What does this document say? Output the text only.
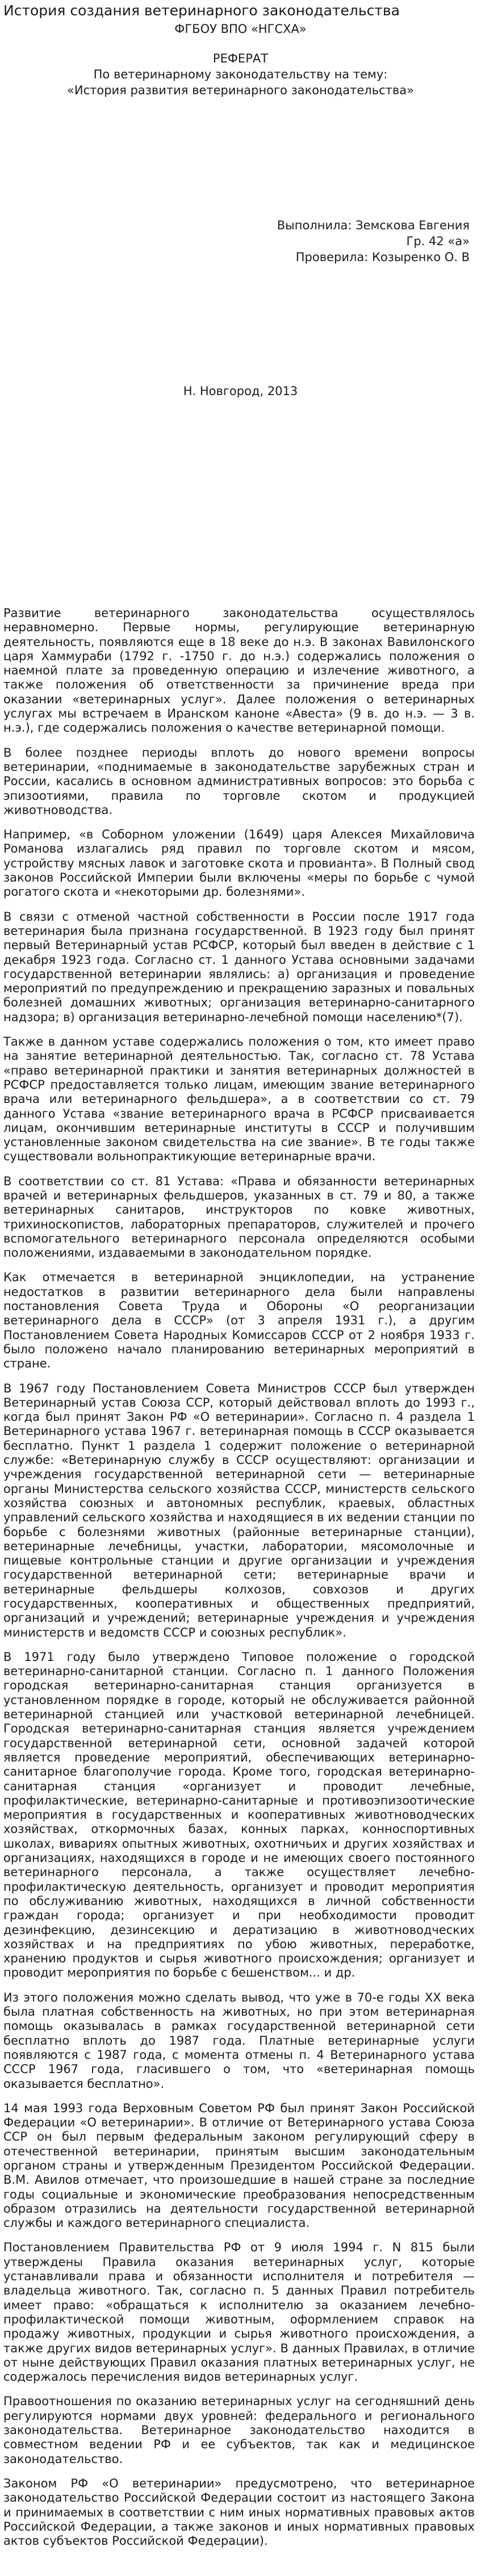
История создания ветеринарного законодательства
ФГБОУ ВПО «НГСХА»
РЕФЕРАТ
По ветеринарному законодательству на тему:
«История развития ветеринарного законодательства»
Выполнила: Земскова Евгения
Гр. 42 «а»
Проверила: Козыренко О. В
Н. Новгород, 2013

Развитие ветеринарного законодательства осуществлялось неравномерно. Первые нормы, регулирующие ветеринарную деятельность, появляются еще в 18 веке до н.э. В законах Вавилонского царя Хаммураби (1792 г. -1750 г. до н.э.) содержались положения о наемной плате за проведенную операцию и излечение животного, а также положения об ответственности за причинение вреда при оказании «ветеринарных услуг». Далее положения о ветеринарных услугах мы встречаем в Иранском каноне «Авеста» (9 в. до н.э. — 3 в. н.э.), где содержались положения о качестве ветеринарной помощи.

В более позднее периоды вплоть до нового времени вопросы ветеринарии, «поднимаемые в законодательстве зарубежных стран и России, касались в основном административных вопросов: это борьба с эпизоотиями, правила по торговле скотом и продукцией животноводства.

Например, «в Соборном уложении (1649) царя Алексея Михайловича Романова излагались ряд правил по торговле скотом и мясом, устройству мясных лавок и заготовке скота и провианта». В Полный свод законов Российской Империи были включены «меры по борьбе с чумой рогатого скота и «некоторыми др. болезнями».

В связи с отменой частной собственности в России после 1917 года ветеринария была признана государственной. В 1923 году был принят первый Ветеринарный устав РСФСР, который был введен в действие с 1 декабря 1923 года. Согласно ст. 1 данного Устава основными задачами государственной ветеринарии являлись: а) организация и проведение мероприятий по предупреждению и прекращению заразных и повальных болезней домашних животных; организация ветеринарно-санитарного надзора; в) организация ветеринарно-лечебной помощи населению*(7).

Также в данном уставе содержались положения о том, кто имеет право на занятие ветеринарной деятельностью. Так, согласно ст. 78 Устава «право ветеринарной практики и занятия ветеринарных должностей в РСФСР предоставляется только лицам, имеющим звание ветеринарного врача или ветеринарного фельдшера», а в соответствии со ст. 79 данного Устава «звание ветеринарного врача в РСФСР присваивается лицам, окончившим ветеринарные институты в СССР и получившим установленные законом свидетельства на сие звание». В те годы также существовали вольнопрактикующие ветеринарные врачи.

В соответствии со ст. 81 Устава: «Права и обязанности ветеринарных врачей и ветеринарных фельдшеров, указанных в ст. 79 и 80, а также ветеринарных санитаров, инструкторов по ковке животных, трихиноскопистов, лабораторных препараторов, служителей и прочего вспомогательного ветеринарного персонала определяются особыми положениями, издаваемыми в законодательном порядке.

Как отмечается в ветеринарной энциклопедии, на устранение недостатков в развитии ветеринарного дела были направлены постановления Совета Труда и Обороны «О реорганизации ветеринарного дела в СССР» (от 3 апреля 1931 г.), а другим Постановлением Совета Народных Комиссаров СССР от 2 ноября 1933 г. было положено начало планированию ветеринарных мероприятий в стране.

В 1967 году Постановлением Совета Министров СССР был утвержден Ветеринарный устав Союза ССР, который действовал вплоть до 1993 г., когда был принят Закон РФ «О ветеринарии». Согласно п. 4 раздела 1 Ветеринарного устава 1967 г. ветеринарная помощь в СССР оказывается бесплатно. Пункт 1 раздела 1 содержит положение о ветеринарной службе: «Ветеринарную службу в СССР осуществляют: организации и учреждения государственной ветеринарной сети — ветеринарные органы Министерства сельского хозяйства СССР, министерств сельского хозяйства союзных и автономных республик, краевых, областных управлений сельского хозяйства и находящиеся в их ведении станции по борьбе с болезнями животных (районные ветеринарные станции), ветеринарные лечебницы, участки, лаборатории, мясомолочные и пищевые контрольные станции и другие организации и учреждения государственной ветеринарной сети; ветеринарные врачи и ветеринарные фельдшеры колхозов, совхозов и других государственных, кооперативных и общественных предприятий, организаций и учреждений; ветеринарные учреждения и учреждения министерств и ведомств СССР и союзных республик».

В 1971 году было утверждено Типовое положение о городской ветеринарно-санитарной станции. Согласно п. 1 данного Положения городская ветеринарно-санитарная станция организуется в установленном порядке в городе, который не обслуживается районной ветеринарной станцией или участковой ветеринарной лечебницей. Городская ветеринарно-санитарная станция является учреждением государственной ветеринарной сети, основной задачей которой является проведение мероприятий, обеспечивающих ветеринарно-санитарное благополучие города. Кроме того, городская ветеринарно-санитарная станция «организует и проводит лечебные, профилактические, ветеринарно-санитарные и противоэпизоотические мероприятия в государственных и кооперативных животноводческих хозяйствах, откормочных базах, конных парках, конноспортивных школах, вивариях опытных животных, охотничьих и других хозяйствах и организациях, находящихся в городе и не имеющих своего постоянного ветеринарного персонала, а также осуществляет лечебно-профилактическую деятельность, организует и проводит мероприятия по обслуживанию животных, находящихся в личной собственности граждан города; организует и при необходимости проводит дезинфекцию, дезинсекцию и дератизацию в животноводческих хозяйствах и на предприятиях по убою животных, переработке, хранению продуктов и сырья животного происхождения; организует и проводит мероприятия по борьбе с бешенством... и др.

Из этого положения можно сделать вывод, что уже в 70-е годы XX века была платная собственность на животных, но при этом ветеринарная помощь оказывалась в рамках государственной ветеринарной сети бесплатно вплоть до 1987 года. Платные ветеринарные услуги появляются с 1987 года, с момента отмены п. 4 Ветеринарного устава СССР 1967 года, гласившего о том, что «ветеринарная помощь оказывается бесплатно».

14 мая 1993 года Верховным Советом РФ был принят Закон Российской Федерации «О ветеринарии». В отличие от Ветеринарного устава Союза ССР он был первым федеральным законом регулирующий сферу в отечественной ветеринарии, принятым высшим законодательным органом страны и утвержденным Президентом Российской Федерации. В.М. Авилов отмечает, что произошедшие в нашей стране за последние годы социальные и экономические преобразования непосредственным образом отразились на деятельности государственной ветеринарной службы и каждого ветеринарного специалиста.

Постановлением Правительства РФ от 9 июля 1994 г. N 815 были утверждены Правила оказания ветеринарных услуг, которые устанавливали права и обязанности исполнителя и потребителя — владельца животного. Так, согласно п. 5 данных Правил потребитель имеет право: «обращаться к исполнителю за оказанием лечебно-профилактической помощи животным, оформлением справок на продажу животных, продукции и сырья животного происхождения, а также других видов ветеринарных услуг». В данных Правилах, в отличие от ныне действующих Правил оказания платных ветеринарных услуг, не содержалось перечисления видов ветеринарных услуг.

Правоотношения по оказанию ветеринарных услуг на сегодняшний день регулируются нормами двух уровней: федерального и регионального законодательства. Ветеринарное законодательство находится в совместном ведении РФ и ее субъектов, так как и медицинское законодательство.

Законом РФ «О ветеринарии» предусмотрено, что ветеринарное законодательство Российской Федерации состоит из настоящего Закона и принимаемых в соответствии с ним иных нормативных правовых актов Российской Федерации, а также законов и иных нормативных правовых актов субъектов Российской Федерации).
